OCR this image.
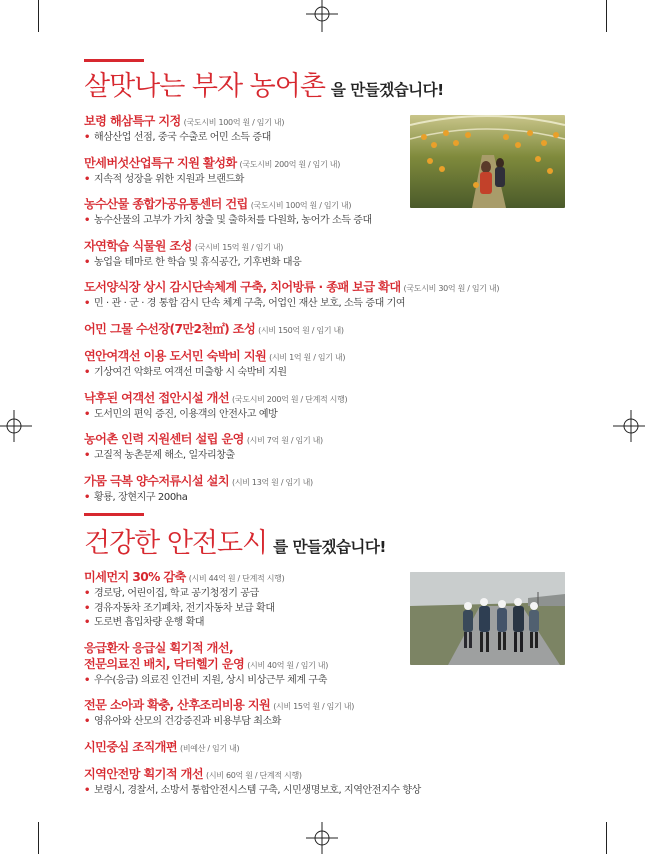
살맛나는 부자 농어촌 을 만들겠습니다!
보령 해삼특구 지정 (국도시비 100억 원 / 임기 내)
• 해삼산업 선점, 중국 수출로 어민 소득 증대
만세버섯산업특구 지원 활성화 (국도시비 200억 원 / 임기 내)
• 지속적 성장을 위한 지원과 브랜드화
농수산물 종합가공유통센터 건립 (국도시비 100억 원 / 임기 내)
• 농수산물의 고부가 가치 창출 및 출하처를 다원화, 농어가 소득 증대
자연학습 식물원 조성 (국시비 15억 원 / 임기 내)
• 농업을 테마로 한 학습 및 휴식공간, 기후변화 대응
도서양식장 상시 감시단속체계 구축, 치어방류 · 종패 보급 확대 (국도시비 30억 원 / 임기 내)
• 민 · 관 · 군 · 경 통합 감시 단속 체계 구축, 어업인 재산 보호, 소득 증대 기여
어민 그물 수선장(7만2천㎡) 조성 (시비 150억 원 / 임기 내)
연안여객선 이용 도서민 숙박비 지원 (시비 1억 원 / 임기 내)
• 기상여건 악화로 여객선 미출항 시 숙박비 지원
낙후된 여객선 접안시설 개선 (국도시비 200억 원 / 단계적 시행)
• 도서민의 편익 증진, 이용객의 안전사고 예방
농어촌 인력 지원센터 설립 운영 (시비 7억 원 / 임기 내)
• 고질적 농촌문제 해소, 일자리창출
가뭄 극복 양수저류시설 설치 (시비 13억 원 / 임기 내)
• 황룡, 장현지구 200ha
건강한 안전도시 를 만들겠습니다!
미세먼지 30% 감축 (시비 44억 원 / 단계적 시행)
• 경로당, 어린이집, 학교 공기청정기 공급
• 경유자동차 조기폐차, 전기자동차 보급 확대
• 도로변 흡입차량 운행 확대
응급환자 응급실 획기적 개선,
전문의료진 배치, 닥터헬기 운영 (시비 40억 원 / 임기 내)
• 우수(응급) 의료진 인건비 지원, 상시 비상근무 체계 구축
전문 소아과 확충, 산후조리비용 지원 (시비 15억 원 / 임기 내)
• 영유아와 산모의 건강증진과 비용부담 최소화
시민중심 조직개편 (비예산 / 임기 내)
지역안전망 획기적 개선 (시비 60억 원 / 단계적 시행)
• 보령시, 경찰서, 소방서 통합안전시스템 구축, 시민생명보호, 지역안전지수 향상
